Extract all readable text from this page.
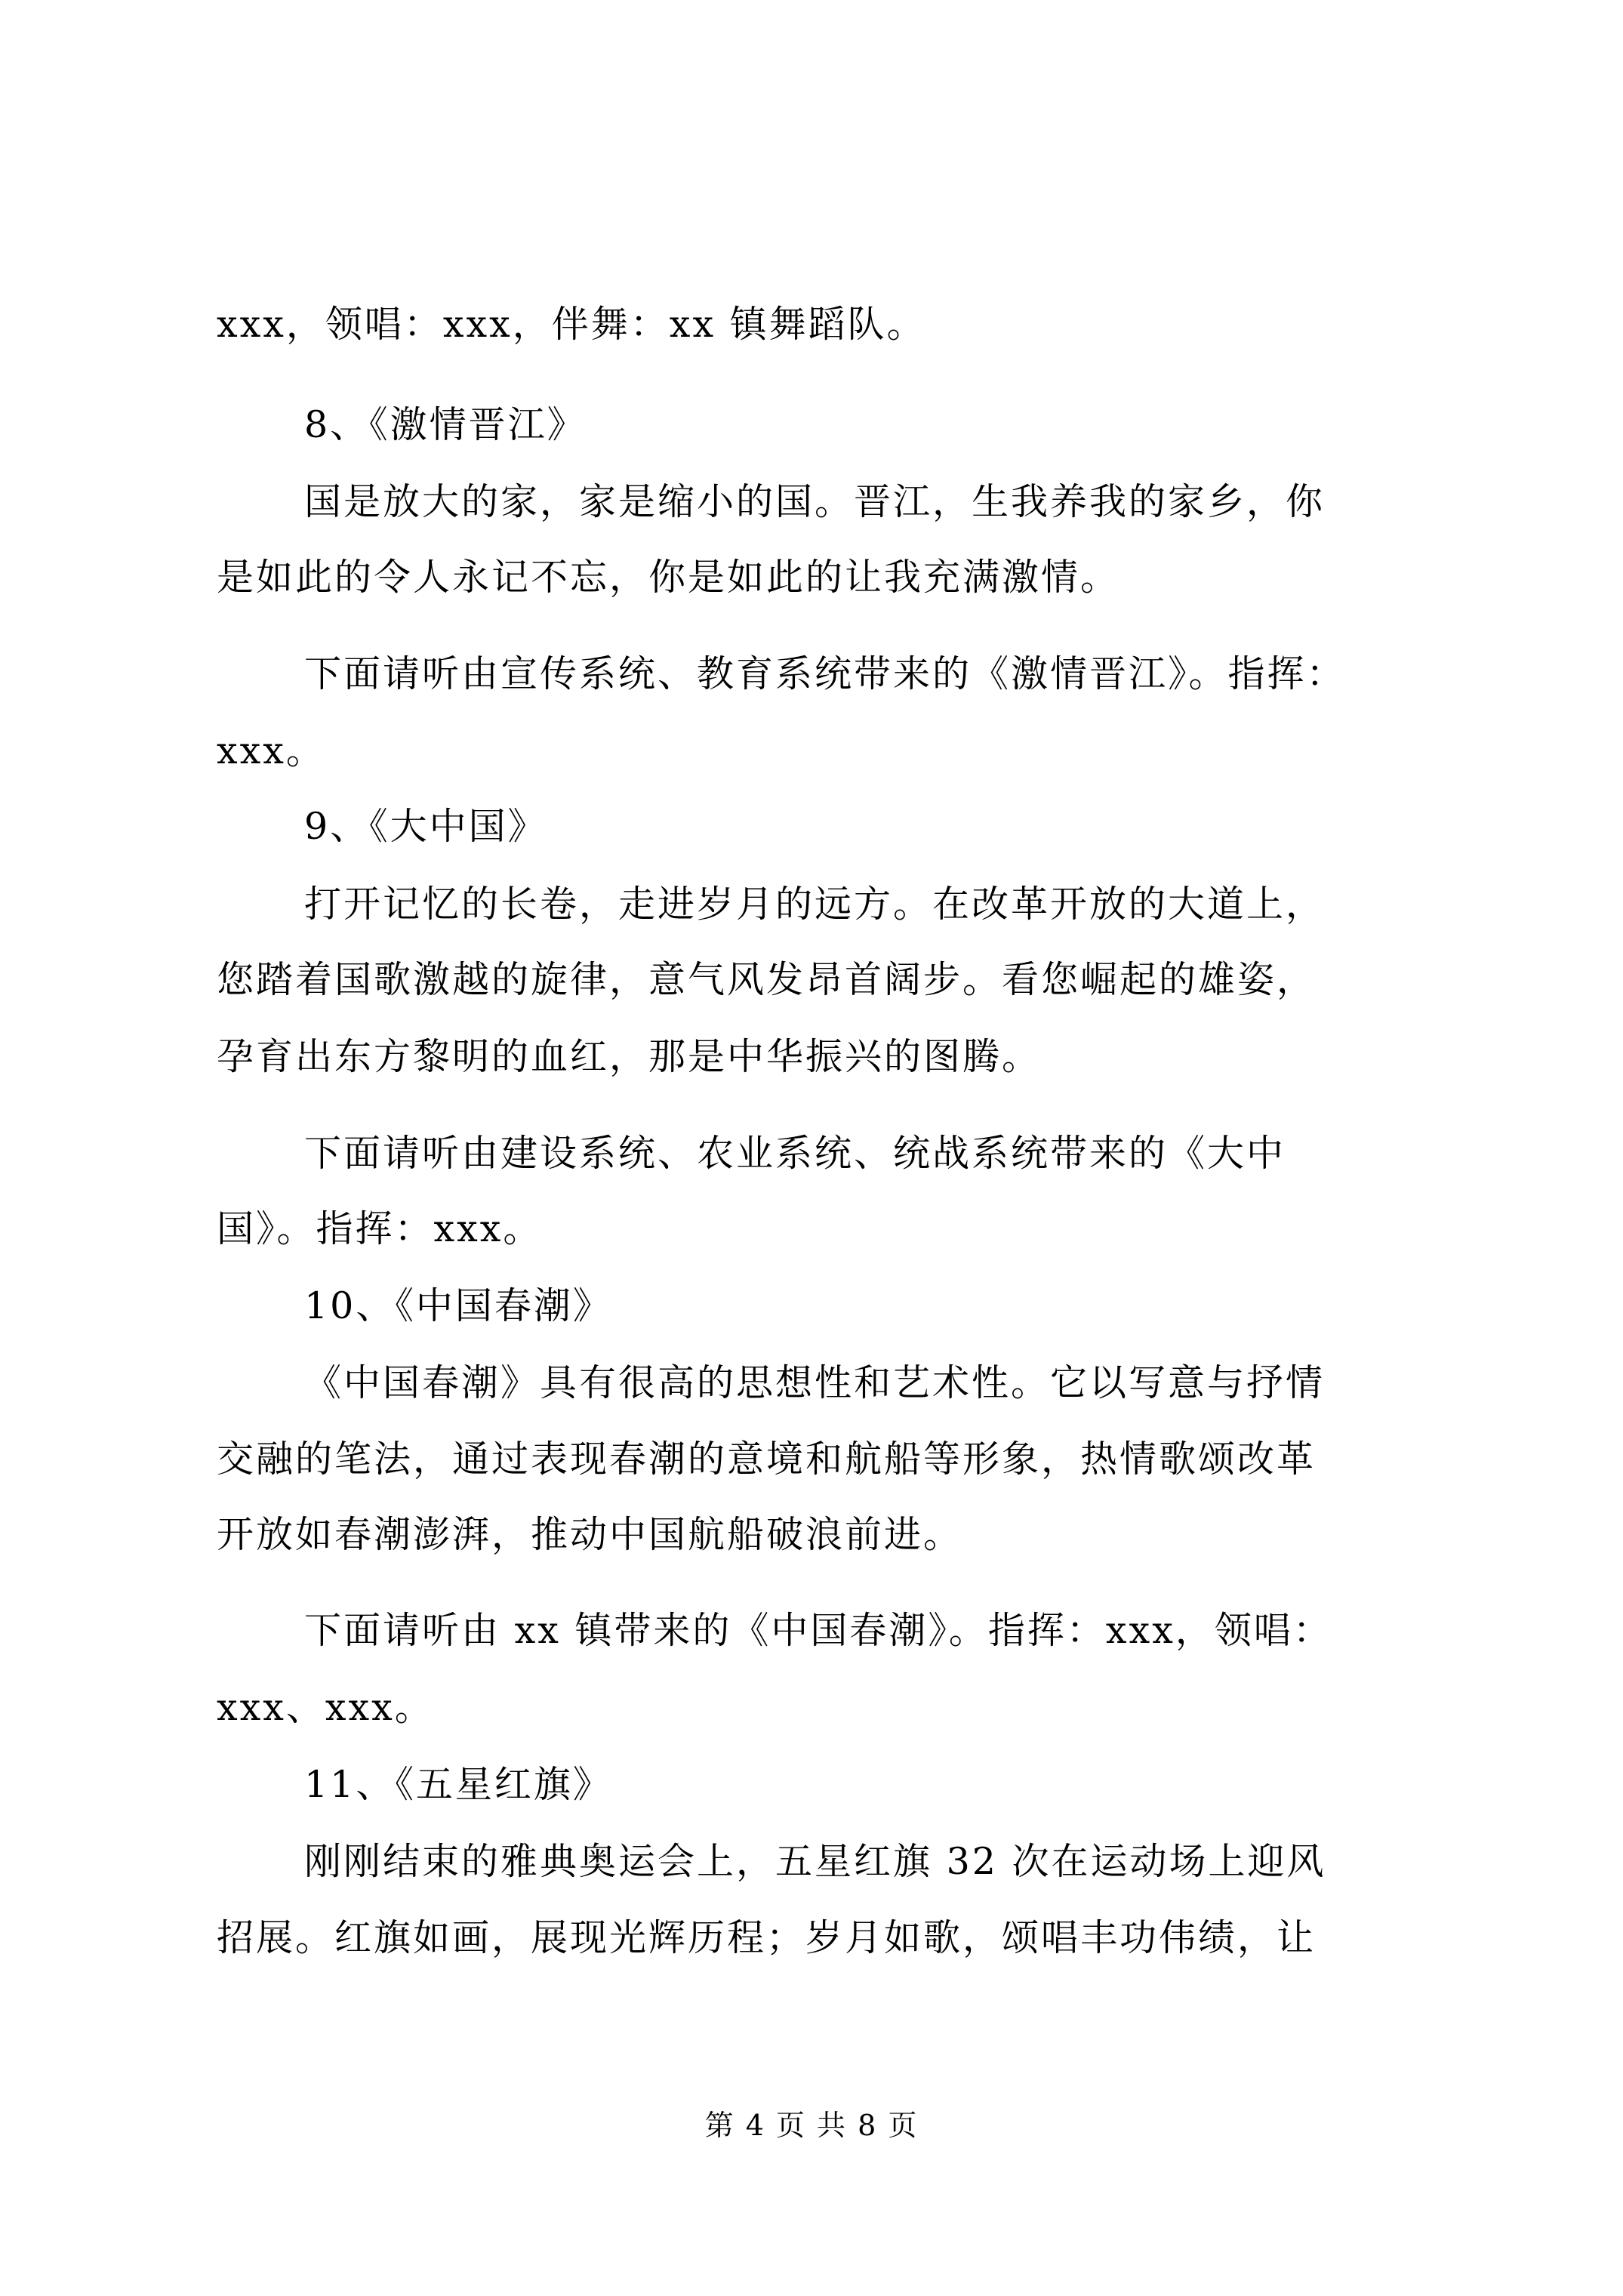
xxx，领唱：xxx，伴舞：xx 镇舞蹈队。
8、《激情晋江》
国是放大的家，家是缩小的国。晋江，生我养我的家乡，你
是如此的令人永记不忘，你是如此的让我充满激情。
下面请听由宣传系统、教育系统带来的《激情晋江》。指挥：
xxx。
9、《大中国》
打开记忆的长卷，走进岁月的远方。在改革开放的大道上，
您踏着国歌激越的旋律，意气风发昂首阔步。看您崛起的雄姿，
孕育出东方黎明的血红，那是中华振兴的图腾。
下面请听由建设系统、农业系统、统战系统带来的《大中
国》。指挥：xxx。
10、《中国春潮》
《中国春潮》具有很高的思想性和艺术性。它以写意与抒情
交融的笔法，通过表现春潮的意境和航船等形象，热情歌颂改革
开放如春潮澎湃，推动中国航船破浪前进。
下面请听由 xx 镇带来的《中国春潮》。指挥：xxx，领唱：
xxx、xxx。
11、《五星红旗》
刚刚结束的雅典奥运会上，五星红旗 32 次在运动场上迎风
招展。红旗如画，展现光辉历程；岁月如歌，颂唱丰功伟绩，让
第 4 页 共 8 页
